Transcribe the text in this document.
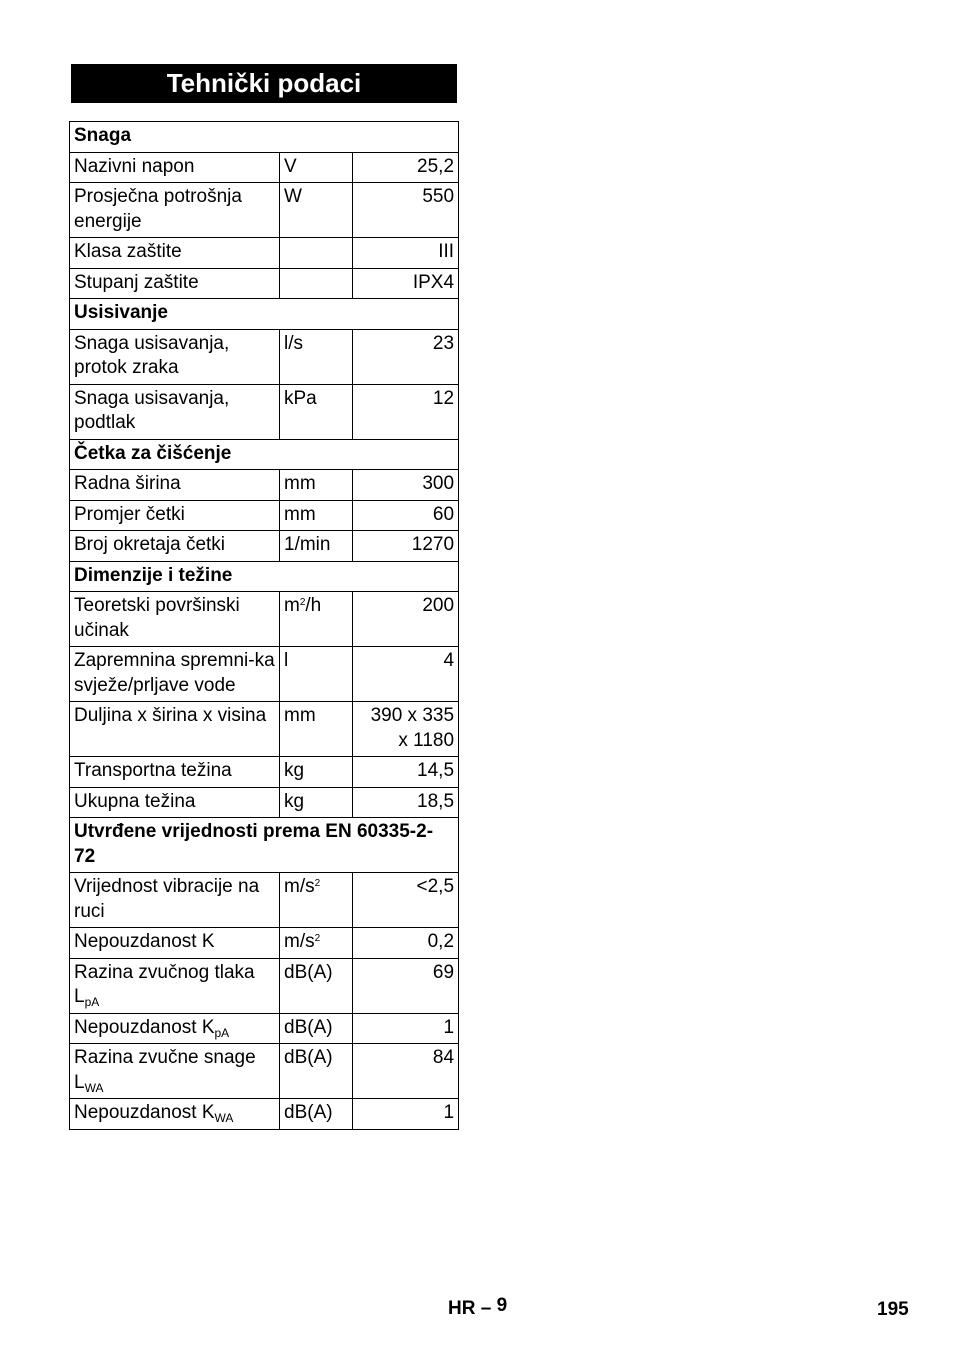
Tehnički podaci
Snaga		
Nazivni napon	V	25,2
Prosječna potrošnja energije	W	550
Klasa zaštite		III
Stupanj zaštite		IPX4
Usisivanje		
Snaga usisavanja, protok zraka	l/s	23
Snaga usisavanja, podtlak	kPa	12
Četka za čišćenje		
Radna širina	mm	300
Promjer četki	mm	60
Broj okretaja četki	1/min	1270
Dimenzije i težine		
Teoretski površinski učinak	$m^2/h$	200
Zapremnina spremni-ka svježe/prljave vode	l	4
Duljina x širina x visina	mm	390 x 335 x 1180
Transportna težina	kg	14,5
Ukupna težina	kg	18,5
Utvrđene vrijednosti prema EN 60335-2-72		
Vrijednost vibracije na ruci	$m/s^2$	<2,5
Nepouzdanost K	$m/s^2$	0,2
Razina zvučnog tlaka $L_{pA}$	dB(A)	69
Nepouzdanost $K_{pA}$	dB(A)	1
Razina zvučne snage $L_{WA}$	dB(A)	84
Nepouzdanost $K_{WA}$	dB(A)	1
HR – 9	195
